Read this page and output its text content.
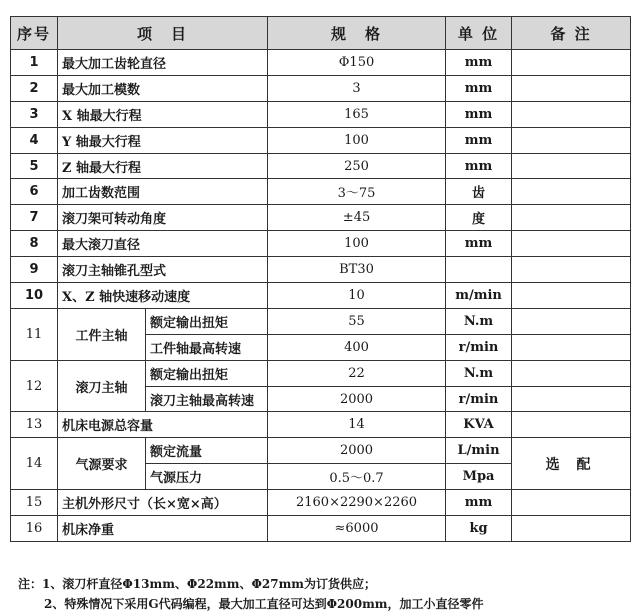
序号	项　目		规　格	单 位	备 注
1	最大加工齿轮直径		Φ150	mm	
2	最大加工模数		3	mm	
3	X 轴最大行程		165	mm	
4	Y 轴最大行程		100	mm	
5	Z 轴最大行程		250	mm	
6	加工齿数范围		3～75	齿	
7	滚刀架可转动角度		±45	度	
8	最大滚刀直径		100	mm	
9	滚刀主轴锥孔型式		BT30		
10	X、Z 轴快速移动速度		10	m/min	
11	工件主轴	额定输出扭矩	55	N.m	
		工件轴最高转速	400	r/min	
12	滚刀主轴	额定输出扭矩	22	N.m	
		滚刀主轴最高转速	2000	r/min	
13	机床电源总容量		14	KVA	
14	气源要求	额定流量	2000	L/min	选 配
		气源压力	0.5～0.7	Mpa	
15	主机外形尺寸（长×宽×高）		2160×2290×2260	mm	
16	机床净重		≈6000	kg	
注：1、滚刀杆直径Φ13mm、Φ22mm、Φ27mm为订货供应；
2、特殊情况下采用G代码编程，最大加工直径可达到Φ200mm，加工小直径零件
